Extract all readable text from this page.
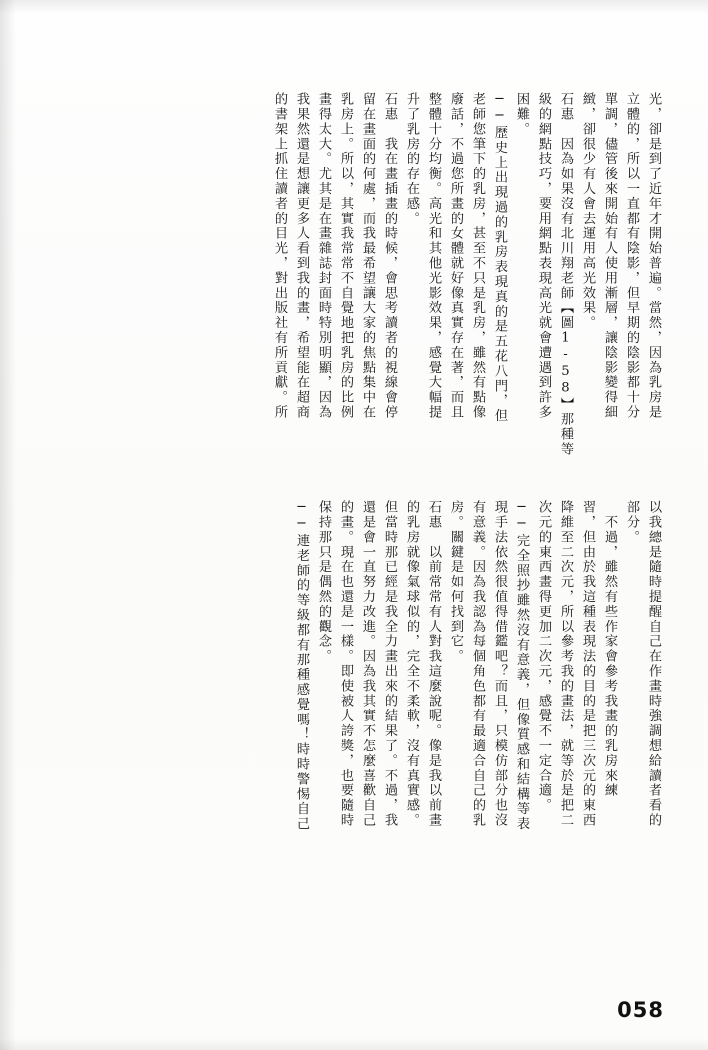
光，卻是到了近年才開始普遍。當然，因為乳房是
立體的，所以一直都有陰影，但早期的陰影都十分
單調，儘管後來開始有人使用漸層，讓陰影變得細
緻，卻很少有人會去運用高光效果。
石惠　因為如果沒有北川翔老師【圖1-58】那種等
級的網點技巧，要用網點表現高光就會遭遇到許多
困難。
──歷史上出現過的乳房表現真的是五花八門，但
老師您筆下的乳房，甚至不只是乳房，雖然有點像
廢話，不過您所畫的女體就好像真實存在著，而且
整體十分均衡。高光和其他光影效果，感覺大幅提
升了乳房的存在感。
石惠　我在畫插畫的時候，會思考讀者的視線會停
留在畫面的何處，而我最希望讓大家的焦點集中在
乳房上。所以，其實我常常不自覺地把乳房的比例
畫得太大。尤其是在畫雜誌封面時特別明顯，因為
我果然還是想讓更多人看到我的畫，希望能在超商
的書架上抓住讀者的目光，對出版社有所貢獻。所
以我總是隨時提醒自己在作畫時強調想給讀者看的
部分。
　不過，雖然有些作家會參考我畫的乳房來練
習，但由於我這種表現法的目的是把三次元的東西
降維至二次元，所以參考我的畫法，就等於是把二
次元的東西畫得更加二次元，感覺不一定合適。
──完全照抄雖然沒有意義，但像質感和結構等表
現手法依然很值得借鑑吧？而且，只模仿部分也沒
有意義。因為我認為每個角色都有最適合自己的乳
房。關鍵是如何找到它。
石惠　以前常常有人對我這麼說呢。像是我以前畫
的乳房就像氣球似的，完全不柔軟，沒有真實感。
但當時那已經是我全力畫出來的結果了。不過，我
還是會一直努力改進。因為我其實不怎麼喜歡自己
的畫。現在也還是一樣。即使被人誇獎，也要隨時
保持那只是偶然的觀念。
──連老師的等級都有那種感覺嗎！時時警惕自己
058
